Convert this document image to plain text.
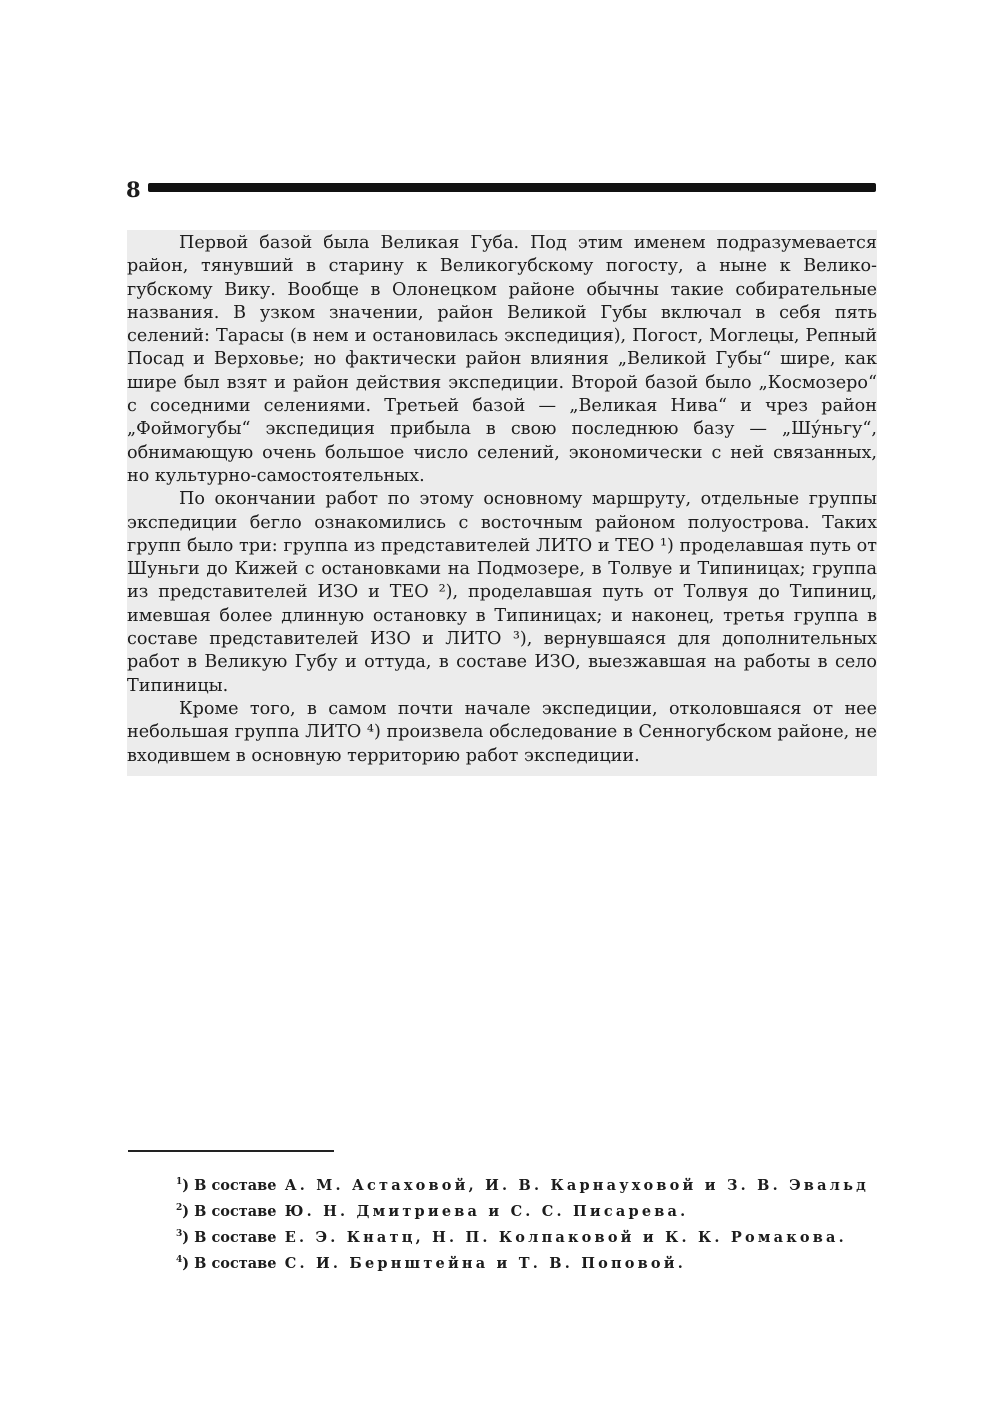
8

Первой базой была Великая Губа. Под этим именем подразумевается район, тянувший в старину к Великогубскому погосту, а ныне к Великогубскому Вику. Вообще в Олонецком районе обычны такие собирательные названия. В узком значении, район Великой Губы включал в себя пять селений: Тарасы (в нем и остановилась экспедиция), Погост, Моглецы, Репный Посад и Верховье; но фактически район влияния „Великой Губы“ шире, как шире был взят и район действия экспедиции. Второй базой было „Космозеро“ с соседними селениями. Третьей базой — „Великая Нива“ и чрез район „Фоймогубы“ экспедиция прибыла в свою последнюю базу — „Шу́ньгу“, обнимающую очень большое число селений, экономически с ней связанных, но культурно-самостоятельных.

По окончании работ по этому основному маршруту, отдельные группы экспедиции бегло ознакомились с восточным районом полуострова. Таких групп было три: группа из представителей ЛИТО и ТЕО ¹) проделавшая путь от Шуньги до Кижей с остановками на Подмозере, в Толвуе и Типиницах; группа из представителей ИЗО и ТЕО ²), проделавшая путь от Толвуя до Типиниц, имевшая более длинную остановку в Типиницах; и наконец, третья группа в составе представителей ИЗО и ЛИТО ³), вернувшаяся для дополнительных работ в Великую Губу и оттуда, в составе ИЗО, выезжавшая на работы в село Типиницы.

Кроме того, в самом почти начале экспедиции, отколовшаяся от нее небольшая группа ЛИТО ⁴) произвела обследование в Сенногубском районе, не входившем в основную территорию работ экспедиции.

$^1$) В составе А. М. Астаховой, И. В. Карнауховой и З. В. Эвальд
$^2$) В составе Ю. Н. Дмитриева и С. С. Писарева.
$^3$) В составе Е. Э. Кнатц, Н. П. Колпаковой и К. К. Ромакова.
$^4$) В составе С. И. Бернштейна и Т. В. Поповой.
